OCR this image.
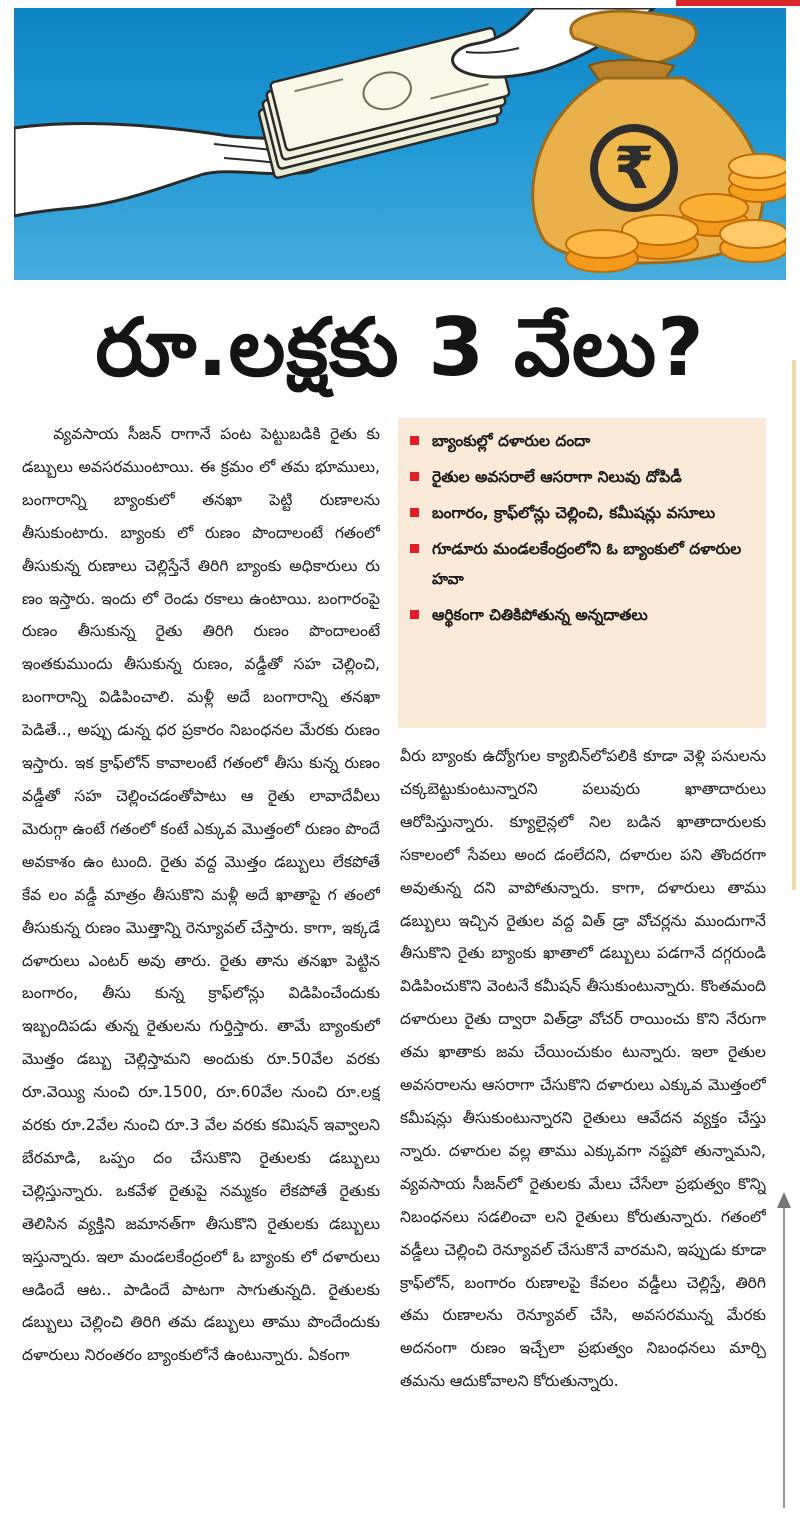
₹
రూ.లక్షకు 3 వేలు?

వ్యవసాయ సీజన్ రాగానే పంట పెట్టుబడికి రైతు కు డబ్బులు అవసరముంటాయి. ఈ క్రమం లో తమ భూములు, బంగారాన్ని బ్యాంకులో తనఖా పెట్టి రుణాలను తీసుకుంటారు. బ్యాంకు లో రుణం పొందాలంటే గతంలో తీసుకున్న రుణాలు చెల్లిస్తేనే తిరిగి బ్యాంకు అధికారులు రు ణం ఇస్తారు. ఇందు లో రెండు రకాలు ఉంటాయి. బంగారంపై రుణం తీసుకున్న రైతు తిరిగి రుణం పొందాలంటే ఇంతకుముందు తీసుకున్న రుణం, వడ్డీతో సహ చెల్లించి, బంగారాన్ని విడిపించాలి. మళ్లీ అదే బంగారాన్ని తనఖా పెడితే.., అప్పు డున్న ధర ప్రకారం నిబంధనల మేరకు రుణం ఇస్తారు. ఇక క్రాఫ్‌లోన్ కావాలంటే గతంలో తీసు కున్న రుణం వడ్డీతో సహ చెల్లించడంతోపాటు ఆ రైతు లావాదేవీలు మెరుగ్గా ఉంటే గతంలో కంటే ఎక్కువ మొత్తంలో రుణం పొందే అవకాశం ఉం టుంది. రైతు వద్ద మొత్తం డబ్బులు లేకపోతే కేవ లం వడ్డీ మాత్రం తీసుకొని మళ్లీ అదే ఖాతాపై గ తంలో తీసుకున్న రుణం మొత్తాన్ని రెన్యూవల్ చేస్తారు. కాగా, ఇక్కడే దళారులు ఎంటర్ అవు తారు. రైతు తాను తనఖా పెట్టిన బంగారం, తీసు కున్న క్రాఫ్‌లోన్లు విడిపించేందుకు ఇబ్బందిపడు తున్న రైతులను గుర్తిస్తారు. తామే బ్యాంకులో మొత్తం డబ్బు చెల్లిస్తామని అందుకు రూ.50వేల వరకు రూ.వెయ్యి నుంచి రూ.1500, రూ.60వేల నుంచి రూ.లక్ష వరకు రూ.2వేల నుంచి రూ.3 వేల వరకు కమిషన్ ఇవ్వాలని బేరమాడి, ఒప్పం దం చేసుకొని రైతులకు డబ్బులు చెల్లిస్తున్నారు. ఒకవేళ రైతుపై నమ్మకం లేకపోతే రైతుకు తెలిసిన వ్యక్తిని జమానత్‌గా తీసుకొని రైతులకు డబ్బులు ఇస్తున్నారు. ఇలా మండలకేంద్రంలో ఓ బ్యాంకు లో దళారులు ఆడిందే ఆట.. పాడిందే పాటగా సాగుతున్నది. రైతులకు డబ్బులు చెల్లించి తిరిగి తమ డబ్బులు తాము పొందేందుకు దళారులు నిరంతరం బ్యాంకులోనే ఉంటున్నారు. ఏకంగా

బ్యాంకుల్లో దళారుల దందా
రైతుల అవసరాలే ఆసరాగా నిలువు దోపిడీ
బంగారం, క్రాఫ్‌లోన్లు చెల్లించి, కమీషన్లు వసూలు
గూడూరు మండలకేంద్రంలోని ఓ బ్యాంకులో దళారుల హవా
ఆర్థికంగా చితికిపోతున్న అన్నదాతలు

వీరు బ్యాంకు ఉద్యోగుల క్యాబిన్‌లోపలికి కూడా వెళ్లి పనులను చక్కబెట్టుకుంటున్నారని పలువురు ఖాతాదారులు ఆరోపిస్తున్నారు. క్యూలైన్లలో నిల బడిన ఖాతాదారులకు సకాలంలో సేవలు అంద డంలేదని, దళారుల పని తొందరగా అవుతున్న దని వాపోతున్నారు. కాగా, దళారులు తాము డబ్బులు ఇచ్చిన రైతుల వద్ద విత్ డ్రా వోచర్లను ముందుగానే తీసుకొని రైతు బ్యాంకు ఖాతాలో డబ్బులు పడగానే దగ్గరుండి విడిపించుకొని వెంటనే కమీషన్ తీసుకుంటున్నారు. కొంతమంది దళారులు రైతు ద్వారా విత్‌డ్రా వోచర్ రాయించు కొని నేరుగా తమ ఖాతాకు జమ చేయించుకుం టున్నారు. ఇలా రైతుల అవసరాలను ఆసరాగా చేసుకొని దళారులు ఎక్కువ మొత్తంలో కమీషన్లు తీసుకుంటున్నారని రైతులు ఆవేదన వ్యక్తం చేస్తు న్నారు. దళారుల వల్ల తాము ఎక్కువగా నష్టపో తున్నామని, వ్యవసాయ సీజన్‌లో రైతులకు మేలు చేసేలా ప్రభుత్వం కొన్ని నిబంధనలు సడలించా లని రైతులు కోరుతున్నారు. గతంలో వడ్డీలు చెల్లించి రెన్యూవల్ చేసుకొనే వారమని, ఇప్పుడు కూడా క్రాఫ్‌లోన్, బంగారం రుణాలపై కేవలం వడ్డీలు చెల్లిస్తే, తిరిగి తమ రుణాలను రెన్యూవల్ చేసి, అవసరమున్న మేరకు అదనంగా రుణం ఇచ్చేలా ప్రభుత్వం నిబంధనలు మార్చి తమను ఆదుకోవాలని కోరుతున్నారు.
